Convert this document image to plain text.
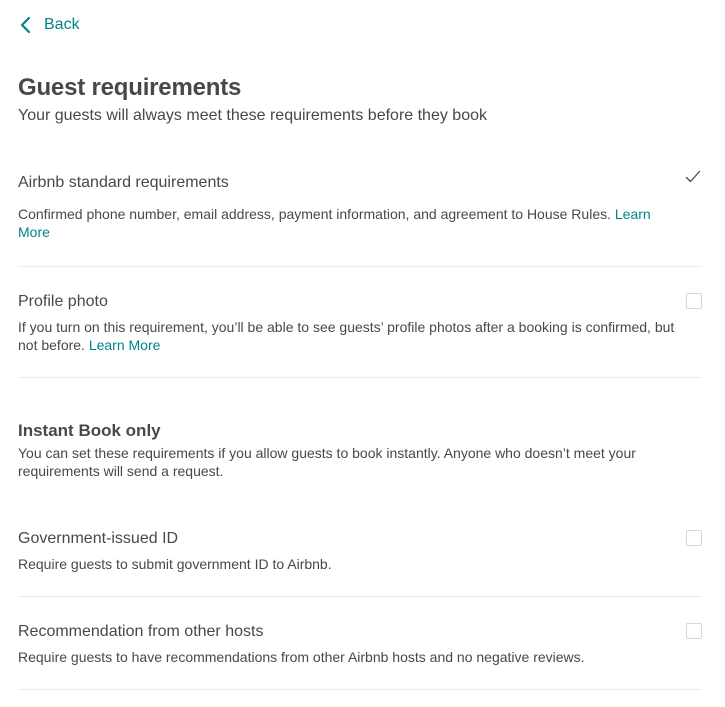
Back
Guest requirements
Your guests will always meet these requirements before they book
Airbnb standard requirements
Confirmed phone number, email address, payment information, and agreement to House Rules. Learn More
Profile photo
If you turn on this requirement, you’ll be able to see guests’ profile photos after a booking is confirmed, but not before. Learn More
Instant Book only
You can set these requirements if you allow guests to book instantly. Anyone who doesn’t meet your requirements will send a request.
Government-issued ID
Require guests to submit government ID to Airbnb.
Recommendation from other hosts
Require guests to have recommendations from other Airbnb hosts and no negative reviews.
